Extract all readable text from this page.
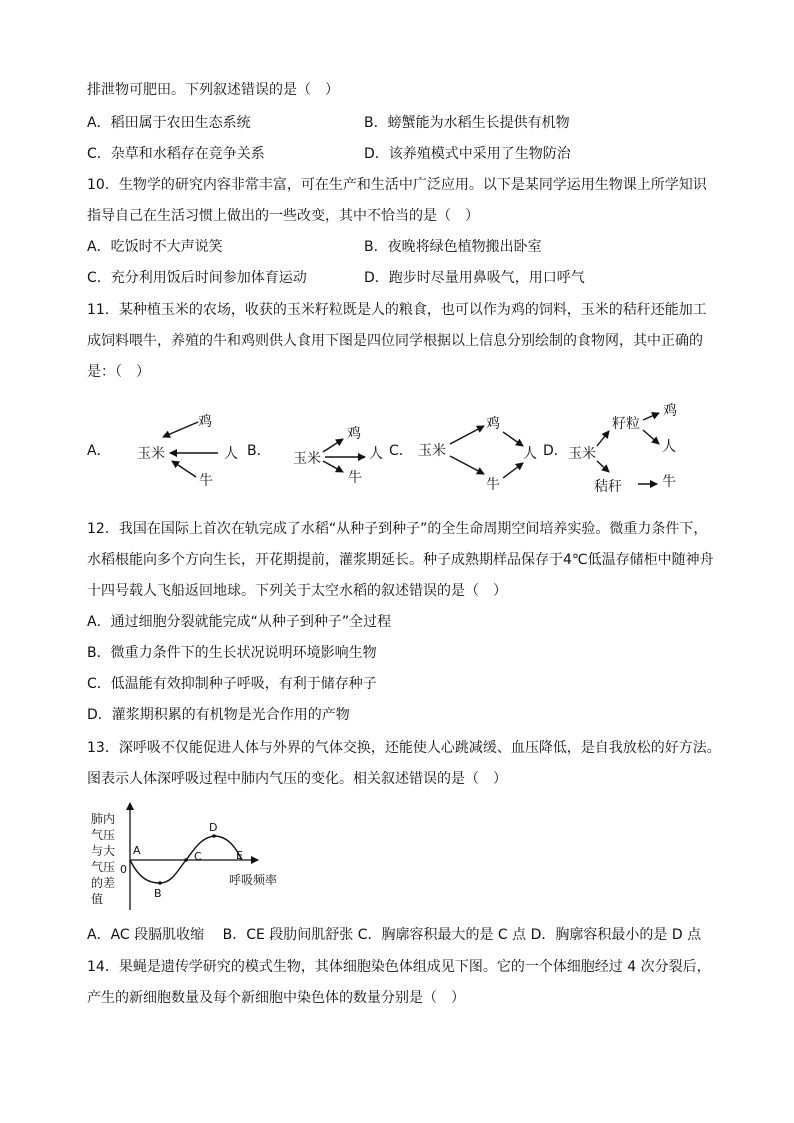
排泄物可肥田。下列叙述错误的是（　）
A．稻田属于农田生态系统	B．螃蟹能为水稻生长提供有机物
C．杂草和水稻存在竞争关系	D．该养殖模式中采用了生物防治
10．生物学的研究内容非常丰富，可在生产和生活中广泛应用。以下是某同学运用生物课上所学知识
指导自己在生活习惯上做出的一些改变，其中不恰当的是（　）
A．吃饭时不大声说笑	B．夜晚将绿色植物搬出卧室
C．充分利用饭后时间参加体育运动	D．跑步时尽量用鼻吸气，用口呼气
11．某种植玉米的农场，收获的玉米籽粒既是人的粮食，也可以作为鸡的饲料，玉米的秸秆还能加工
成饲料喂牛，养殖的牛和鸡则供人食用下图是四位同学根据以上信息分别绘制的食物网，其中正确的
是：（　）
A．
鸡
玉米	人
牛
B． 玉米
鸡
人
牛
C． 玉米
鸡
人
牛
D． 玉米
籽粒
秸秆
鸡
人
牛
12．我国在国际上首次在轨完成了水稻“从种子到种子”的全生命周期空间培养实验。微重力条件下，
水稻根能向多个方向生长，开花期提前，灌浆期延长。种子成熟期样品保存于4℃低温存储柜中随神舟
十四号载人飞船返回地球。下列关于太空水稻的叙述错误的是（　）
A．通过细胞分裂就能完成“从种子到种子”全过程
B．微重力条件下的生长状况说明环境影响生物
C．低温能有效抑制种子呼吸，有利于储存种子
D．灌浆期积累的有机物是光合作用的产物
13．深呼吸不仅能促进人体与外界的气体交换，还能使人心跳减缓、血压降低，是自我放松的好方法。
图表示人体深呼吸过程中肺内气压的变化。相关叙述错误的是（　）
肺内
气压
与大
气压
的差
值
0
A
B
C
D
E
呼吸频率
A．AC 段膈肌收缩　 B．CE 段肋间肌舒张 C．胸廓容积最大的是 C 点 D．胸廓容积最小的是 D 点
14．果蝇是遗传学研究的模式生物，其体细胞染色体组成见下图。它的一个体细胞经过 4 次分裂后，
产生的新细胞数量及每个新细胞中染色体的数量分别是（　）
